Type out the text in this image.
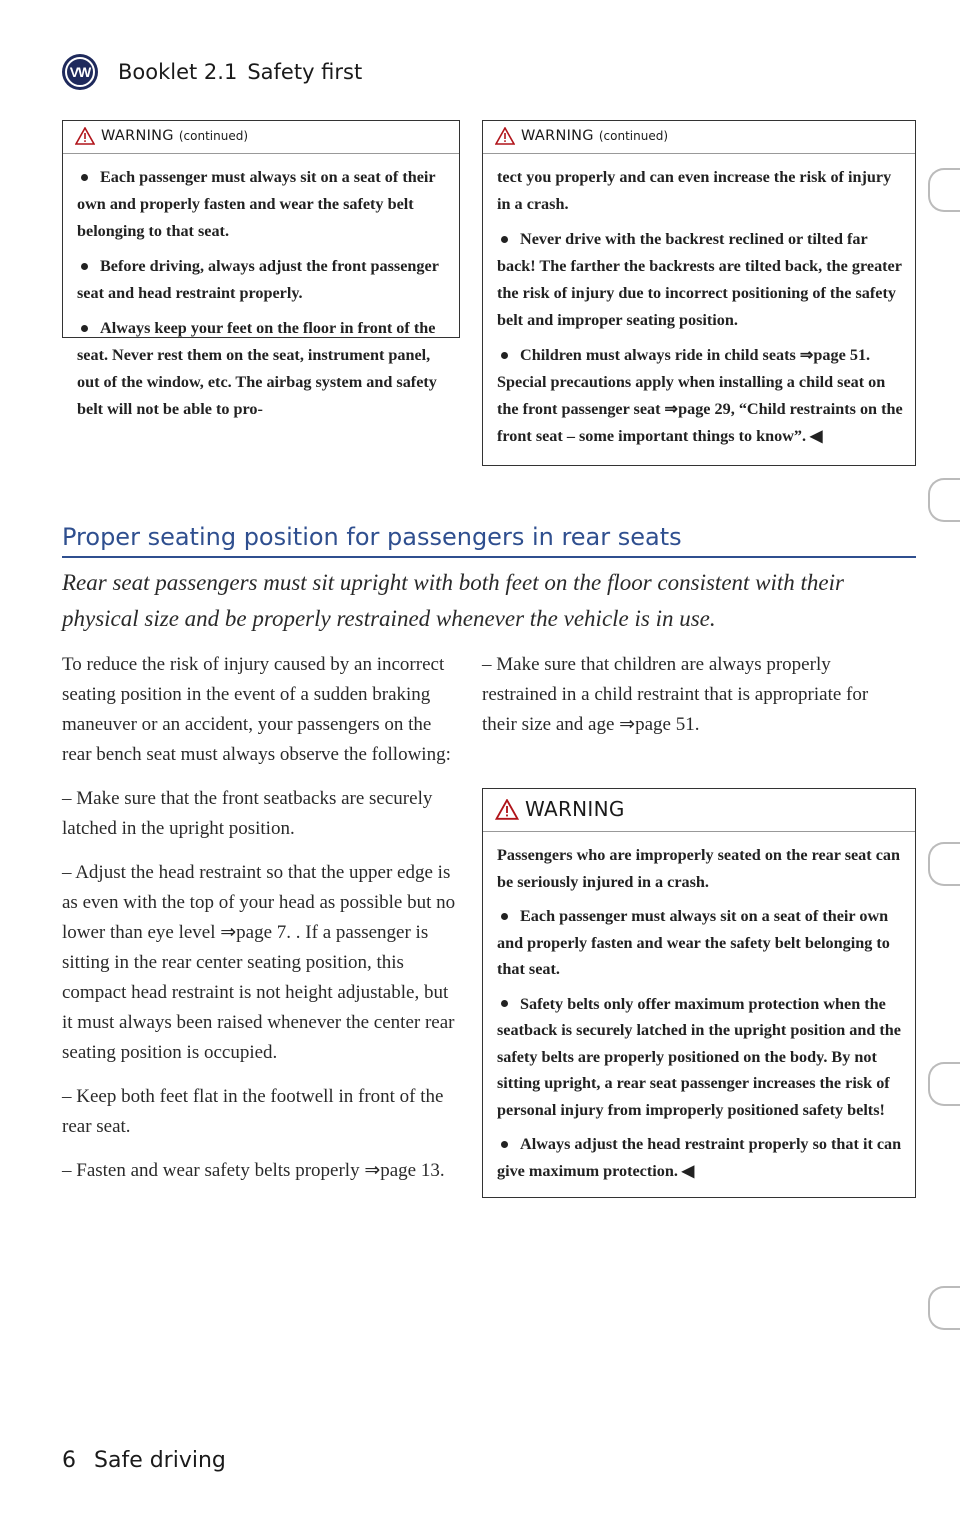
VW Booklet 2.1 Safety first
WARNING (continued)

Each passenger must always sit on a seat of their own and properly fasten and wear the safety belt belonging to that seat.

Before driving, always adjust the front passenger seat and head restraint properly.

Always keep your feet on the floor in front of the seat. Never rest them on the seat, instrument panel, out of the window, etc. The airbag system and safety belt will not be able to pro-

WARNING (continued)

tect you properly and can even increase the risk of injury in a crash.

Never drive with the backrest reclined or tilted far back! The farther the backrests are tilted back, the greater the risk of injury due to incorrect positioning of the safety belt and improper seating position.

Children must always ride in child seats ⇒page 51. Special precautions apply when installing a child seat on the front passenger seat ⇒page 29, “Child restraints on the front seat – some important things to know”. ◀

Proper seating position for passengers in rear seats
Rear seat passengers must sit upright with both feet on the floor consistent with their physical size and be properly restrained whenever the vehicle is in use.

To reduce the risk of injury caused by an incorrect seating position in the event of a sudden braking maneuver or an accident, your passengers on the rear bench seat must always observe the following:

– Make sure that the front seatbacks are securely latched in the upright position.

– Adjust the head restraint so that the upper edge is as even with the top of your head as possible but no lower than eye level ⇒page 7. . If a passenger is sitting in the rear center seating position, this compact head restraint is not height adjustable, but it must always been raised whenever the center rear seating position is occupied.

– Keep both feet flat in the footwell in front of the rear seat.

– Fasten and wear safety belts properly ⇒page 13.

– Make sure that children are always properly restrained in a child restraint that is appropriate for their size and age ⇒page 51.

WARNING

Passengers who are improperly seated on the rear seat can be seriously injured in a crash.

Each passenger must always sit on a seat of their own and properly fasten and wear the safety belt belonging to that seat.

Safety belts only offer maximum protection when the seatback is securely latched in the upright position and the safety belts are properly positioned on the body. By not sitting upright, a rear seat passenger increases the risk of personal injury from improperly positioned safety belts!

Always adjust the head restraint properly so that it can give maximum protection. ◀

6 Safe driving
